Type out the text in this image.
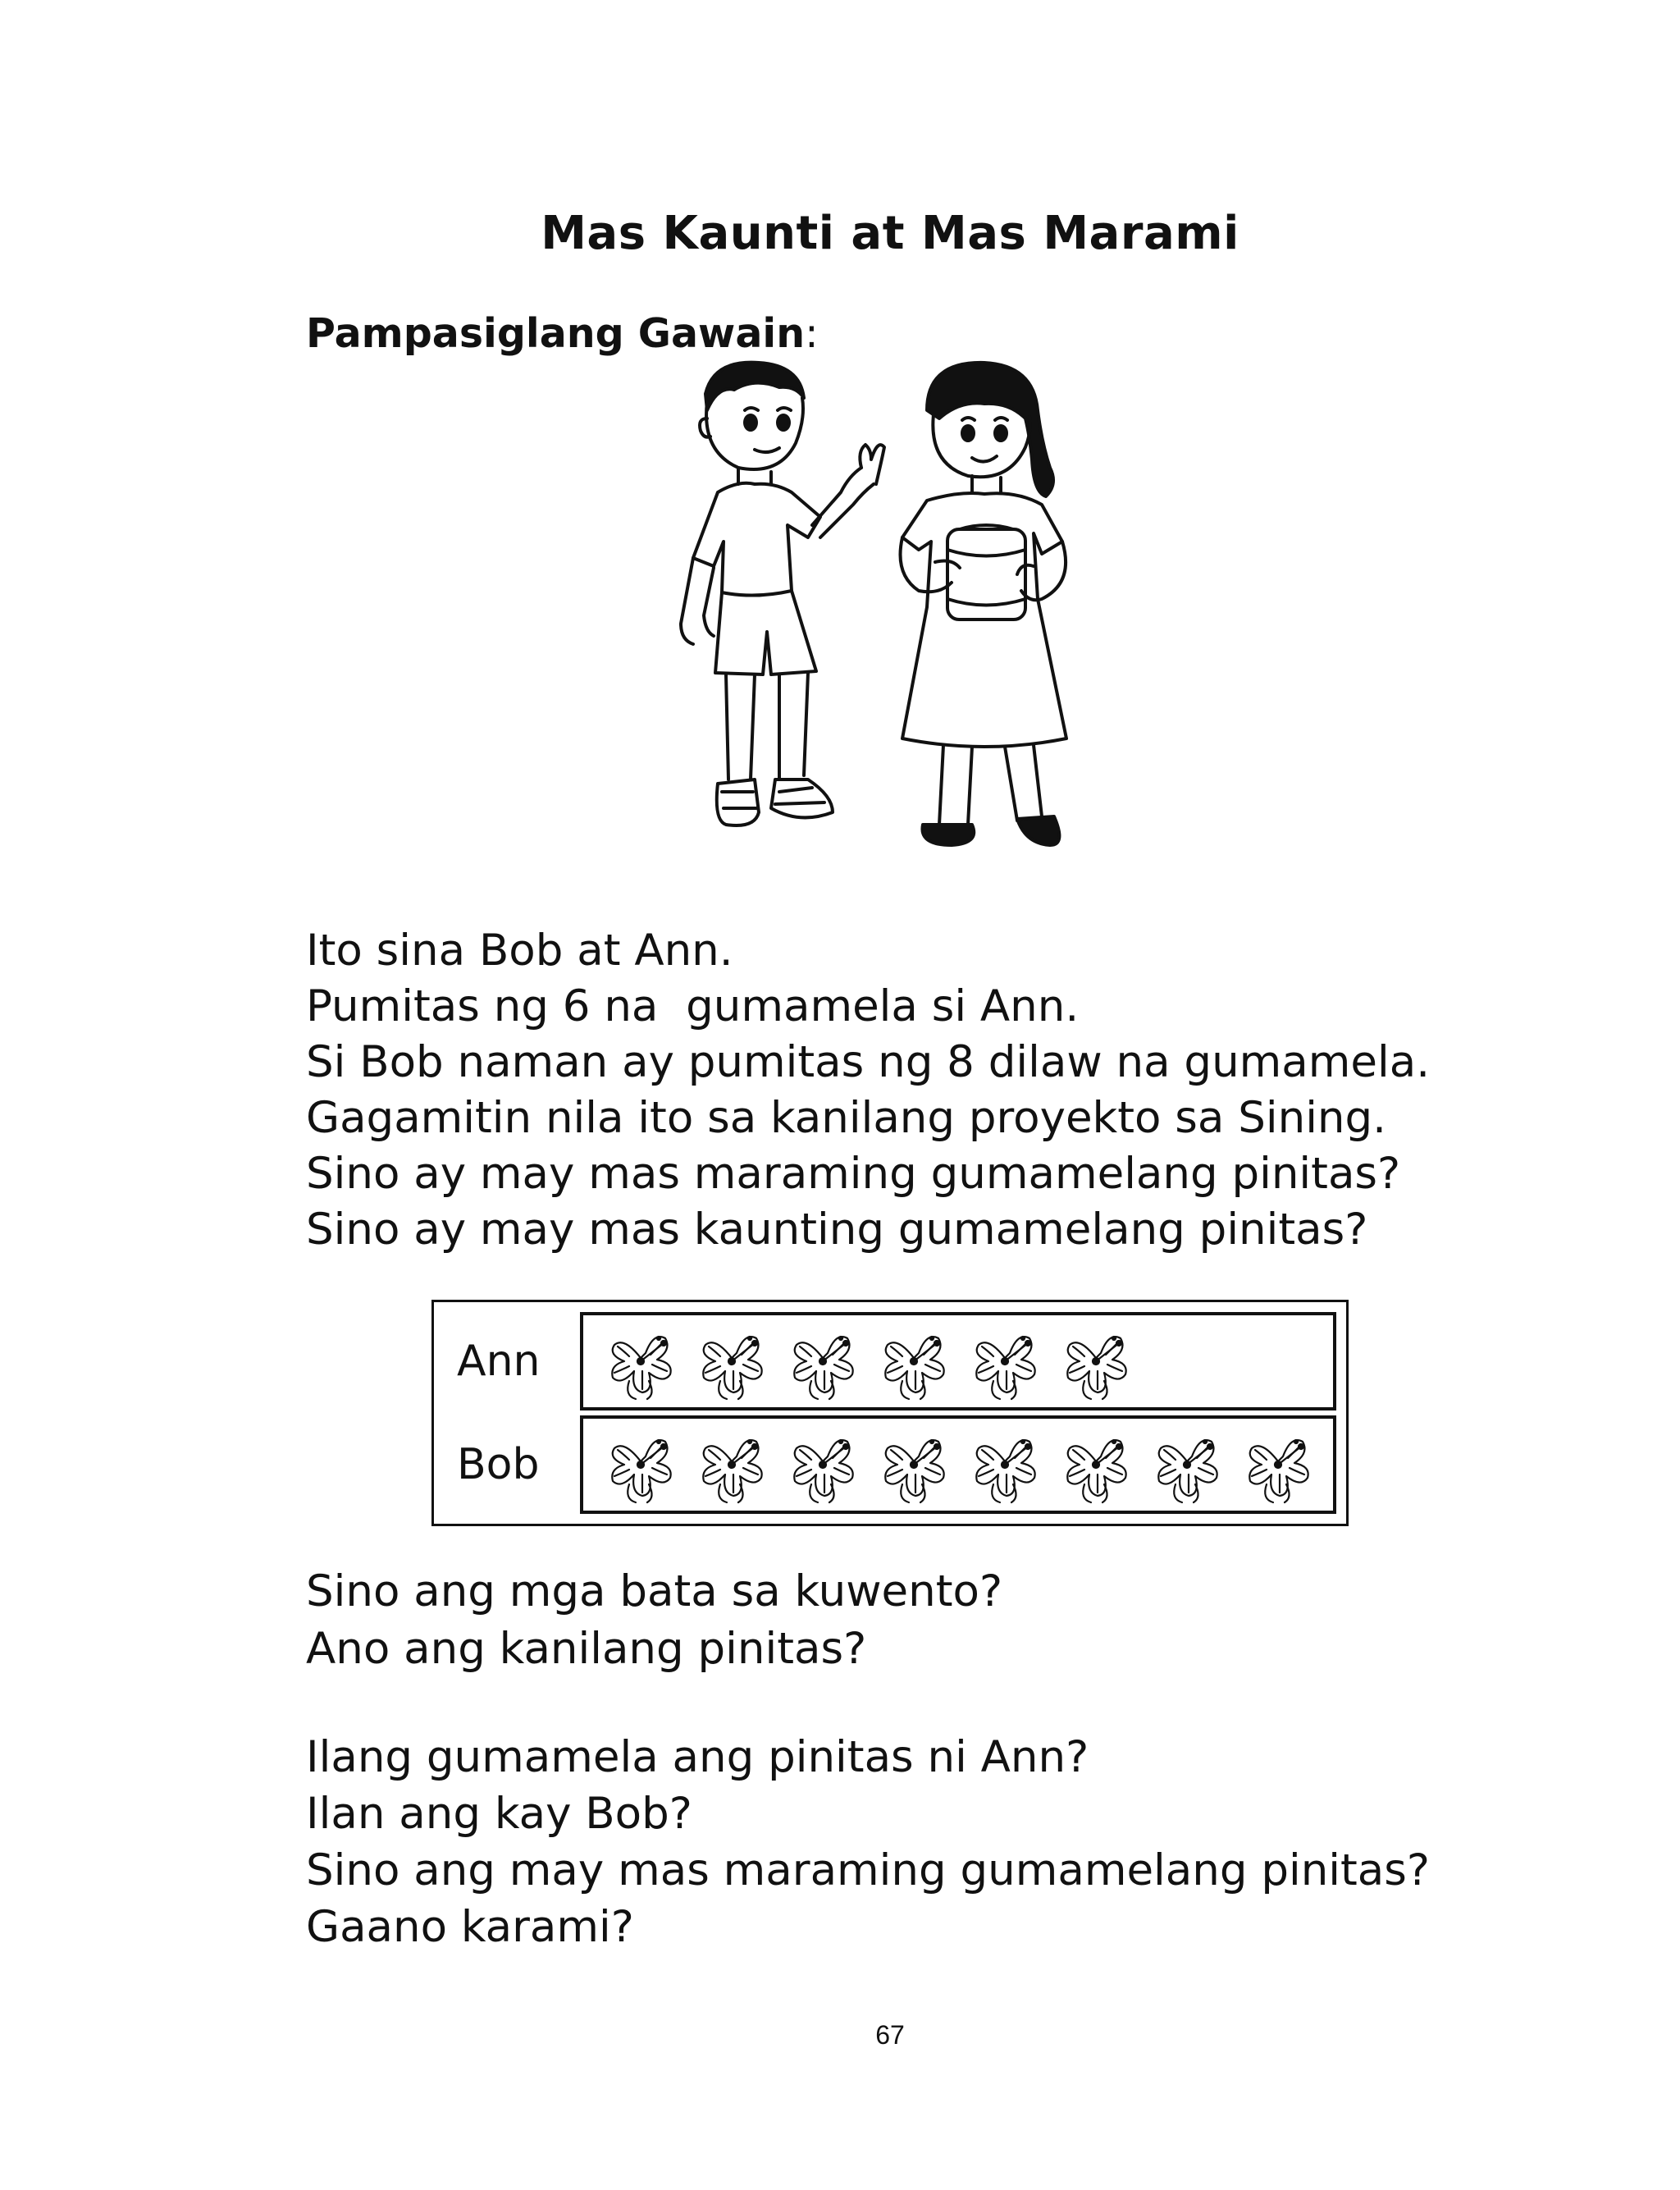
Mas Kaunti at Mas Marami
Pampasiglang Gawain:
Ito sina Bob at Ann.
Pumitas ng 6 na  gumamela si Ann.
Si Bob naman ay pumitas ng 8 dilaw na gumamela.
Gagamitin nila ito sa kanilang proyekto sa Sining.
Sino ay may mas maraming gumamelang pinitas?
Sino ay may mas kaunting gumamelang pinitas?
Ann
Bob
Sino ang mga bata sa kuwento?
Ano ang kanilang pinitas?
Ilang gumamela ang pinitas ni Ann?
Ilan ang kay Bob?
Sino ang may mas maraming gumamelang pinitas?
Gaano karami?
67
